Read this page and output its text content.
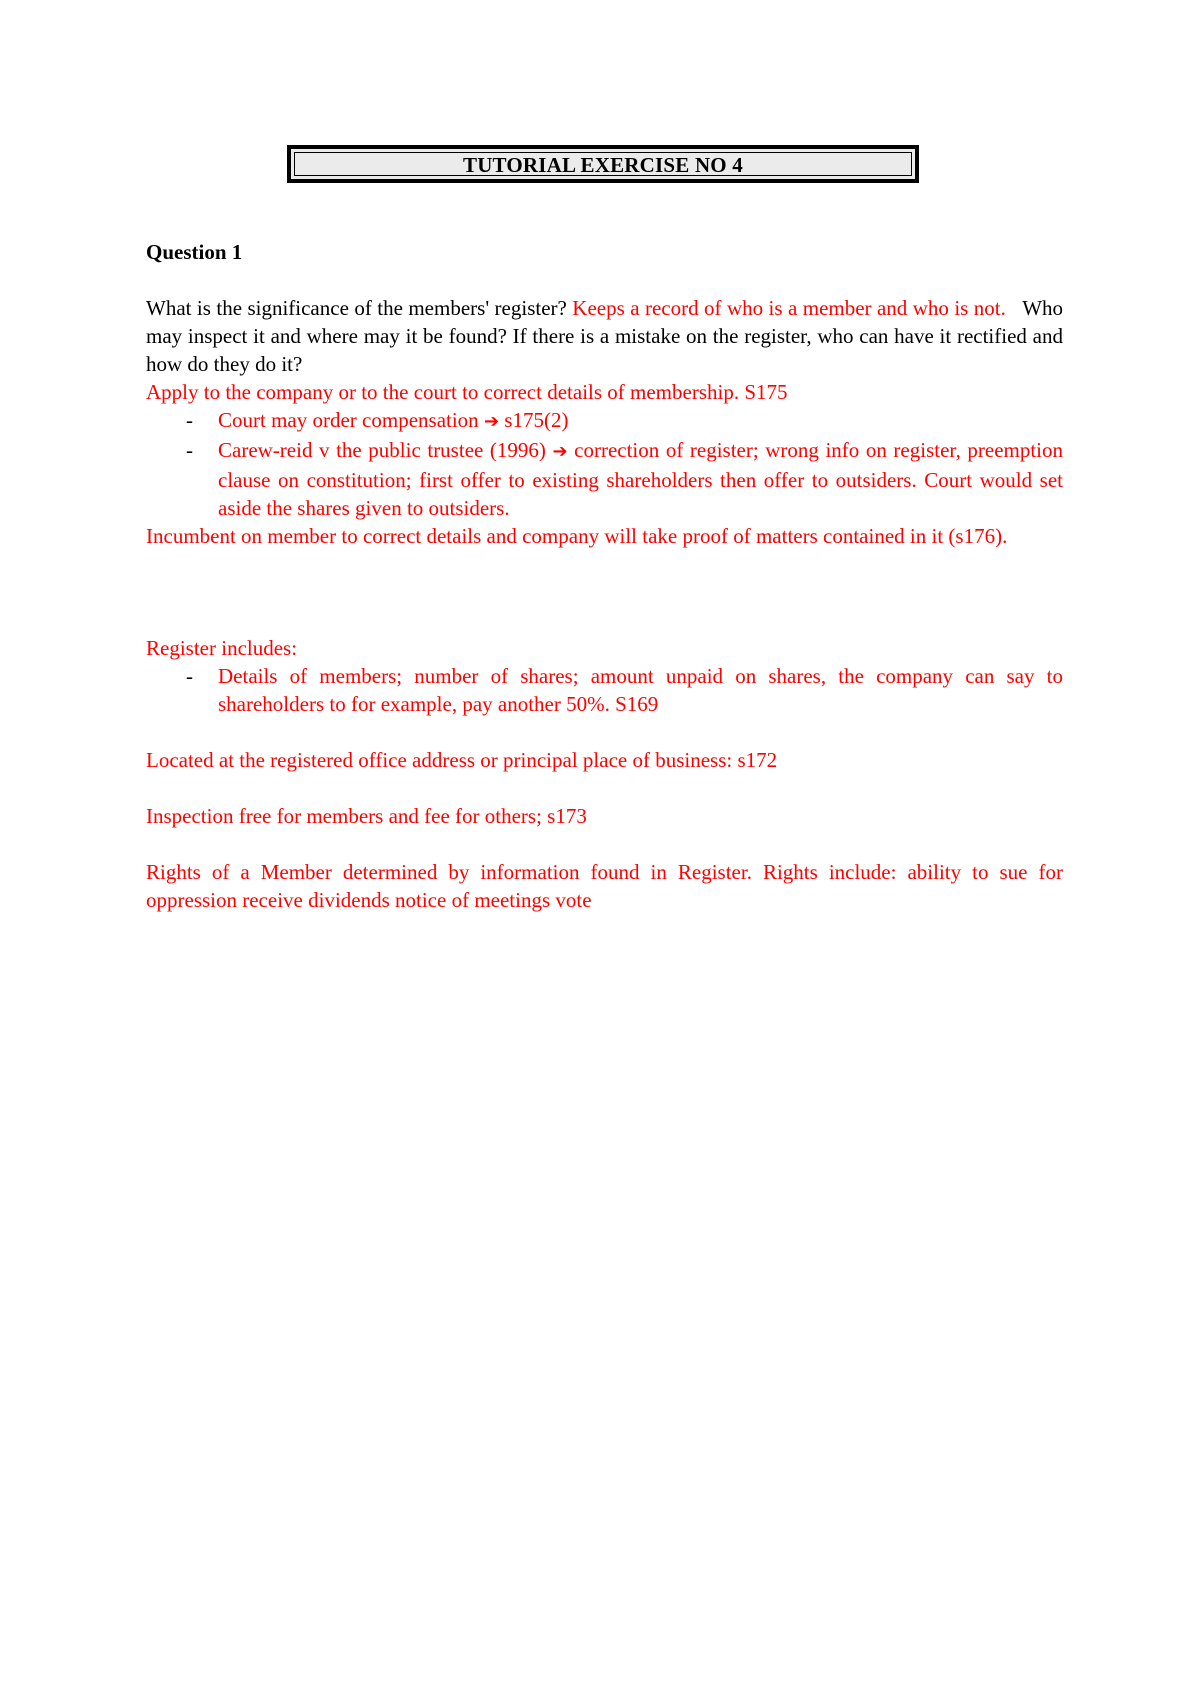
TUTORIAL EXERCISE NO 4

Question 1

What is the significance of the members' register? Keeps a record of who is a member and who is not. Who may inspect it and where may it be found? If there is a mistake on the register, who can have it rectified and how do they do it?

Apply to the company or to the court to correct details of membership. S175

- Court may order compensation ➔ s175(2)
- Carew-reid v the public trustee (1996) ➔ correction of register; wrong info on register, preemption clause on constitution; first offer to existing shareholders then offer to outsiders. Court would set aside the shares given to outsiders.

Incumbent on member to correct details and company will take proof of matters contained in it (s176).

Register includes:

- Details of members; number of shares; amount unpaid on shares, the company can say to shareholders to for example, pay another 50%. S169

Located at the registered office address or principal place of business: s172

Inspection free for members and fee for others; s173

Rights of a Member determined by information found in Register. Rights include: ability to sue for oppression receive dividends notice of meetings vote
